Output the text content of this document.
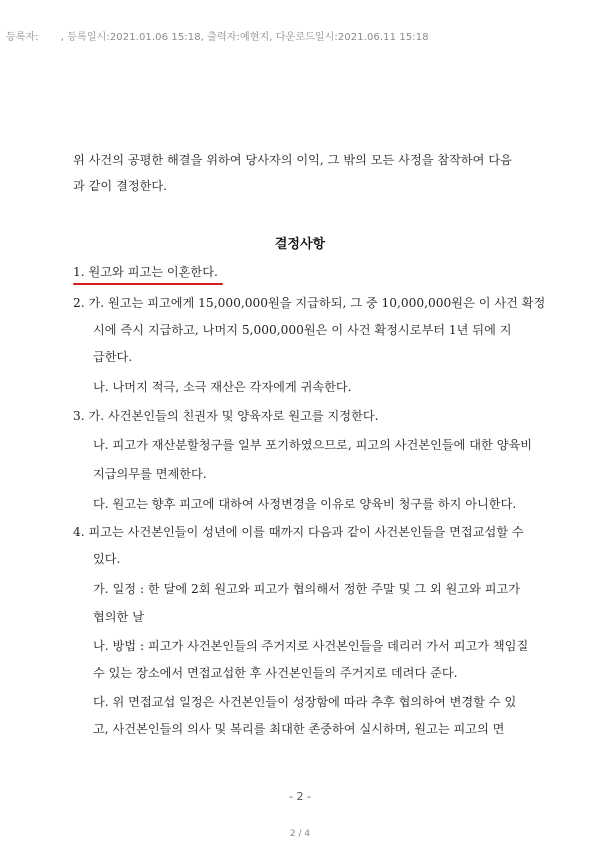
등록자: , 등록일시:2021.01.06 15:18, 출력자:예현지, 다운로드일시:2021.06.11 15:18
위 사건의 공평한 해결을 위하여 당사자의 이익, 그 밖의 모든 사정을 참작하여 다음
과 같이 결정한다.
결정사항
1. 원고와 피고는 이혼한다.
2. 가. 원고는 피고에게 15,000,000원을 지급하되, 그 중 10,000,000원은 이 사건 확정
시에 즉시 지급하고, 나머지 5,000,000원은 이 사건 확정시로부터 1년 뒤에 지
급한다.
나. 나머지 적극, 소극 재산은 각자에게 귀속한다.
3. 가. 사건본인들의 친권자 및 양육자로 원고를 지정한다.
나. 피고가 재산분할청구를 일부 포기하였으므로, 피고의 사건본인들에 대한 양육비
지급의무를 면제한다.
다. 원고는 향후 피고에 대하여 사정변경을 이유로 양육비 청구를 하지 아니한다.
4. 피고는 사건본인들이 성년에 이를 때까지 다음과 같이 사건본인들을 면접교섭할 수
있다.
가. 일정 : 한 달에 2회 원고와 피고가 협의해서 정한 주말 및 그 외 원고와 피고가
협의한 날
나. 방법 : 피고가 사건본인들의 주거지로 사건본인들을 데리러 가서 피고가 책임질
수 있는 장소에서 면접교섭한 후 사건본인들의 주거지로 데려다 준다.
다. 위 면접교섭 일정은 사건본인들이 성장함에 따라 추후 협의하여 변경할 수 있
고, 사건본인들의 의사 및 복리를 최대한 존중하여 실시하며, 원고는 피고의 면
- 2 -
2 / 4
